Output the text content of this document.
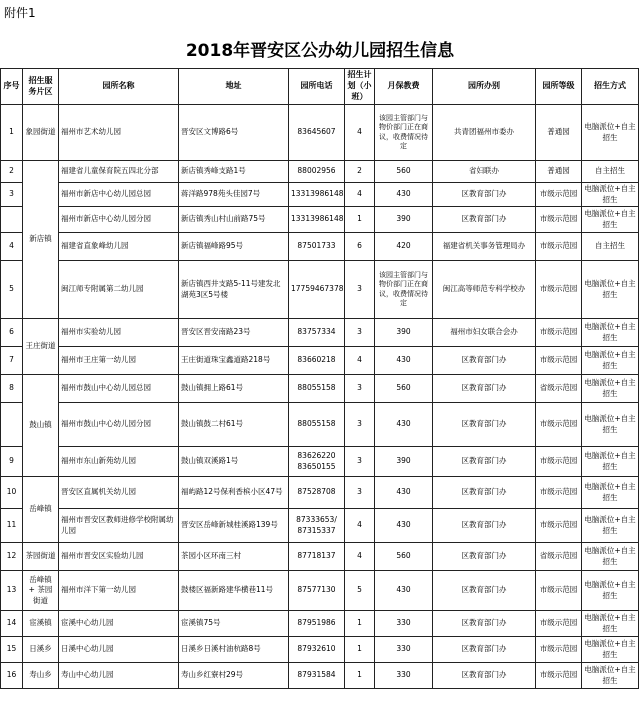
附件1
2018年晋安区公办幼儿园招生信息
序号	招生服务片区	园所名称	地址	园所电话	招生计划（小班）	月保教费	园所办别	园所等级	招生方式
1	象园街道	福州市艺术幼儿园	晋安区文博路6号	83645607	4	该园主管部门与物价部门正在商议，收费情况待定	共青团福州市委办	普通园	电脑派位+自主招生
2	新店镇	福建省儿童保育院五四北分部	新店镇秀峰支路1号	88002956	2	560	省妇联办	普通园	自主招生
3		福州市新店中心幼儿园总园	蒋洋路978苑头佳园7号	13313986148	4	430	区教育部门办	市级示范园	电脑派位+自主招生
		福州市新店中心幼儿园分园	新店镇秀山村山前路75号	13313986148	1	390	区教育部门办	市级示范园	电脑派位+自主招生
4		福建省直象峰幼儿园	新店镇福峰路95号	87501733	6	420	福建省机关事务管理局办	市级示范园	自主招生
5		闽江师专附属第二幼儿园	新店镇西井支路5-11号建发北湖苑3区5号楼	17759467378	3	该园主管部门与物价部门正在商议，收费情况待定	闽江高等师范专科学校办	市级示范园	电脑派位+自主招生
6	王庄街道	福州市实验幼儿园	晋安区晋安南路23号	83757334	3	390	福州市妇女联合会办	市级示范园	电脑派位+自主招生
7		福州市王庄第一幼儿园	王庄街道珠宝鑫道路218号	83660218	4	430	区教育部门办	市级示范园	电脑派位+自主招生
8	鼓山镇	福州市鼓山中心幼儿园总园	鼓山镇拥上路61号	88055158	3	560	区教育部门办	省级示范园	电脑派位+自主招生
		福州市鼓山中心幼儿园分园	鼓山镇鼓二村61号	88055158	3	430	区教育部门办	市级示范园	电脑派位+自主招生
9		福州市东山新苑幼儿园	鼓山镇双溪路1号	83626220 83650155	3	390	区教育部门办	市级示范园	电脑派位+自主招生
10	岳峰镇	晋安区直属机关幼儿园	福屿路12号保利香槟小区47号	87528708	3	430	区教育部门办	市级示范园	电脑派位+自主招生
11		福州市晋安区教师进修学校附属幼儿园	晋安区岳峰新城桂溪路139号	87333653/ 87315337	4	430	区教育部门办	市级示范园	电脑派位+自主招生
12	茶园街道	福州市晋安区实验幼儿园	茶园小区环南三村	87718137	4	560	区教育部门办	省级示范园	电脑派位+自主招生
13	岳峰镇 + 茶园街道	福州市洋下第一幼儿园	鼓楼区福新路建华横巷11号	87577130	5	430	区教育部门办	市级示范园	电脑派位+自主招生
14	宦溪镇	宦溪中心幼儿园	宦溪镇75号	87951986	1	330	区教育部门办	市级示范园	电脑派位+自主招生
15	日溪乡	日溪中心幼儿园	日溪乡日溪村油杭路8号	87932610	1	330	区教育部门办	市级示范园	电脑派位+自主招生
16	寿山乡	寿山中心幼儿园	寿山乡红寮村29号	87931584	1	330	区教育部门办	市级示范园	电脑派位+自主招生
